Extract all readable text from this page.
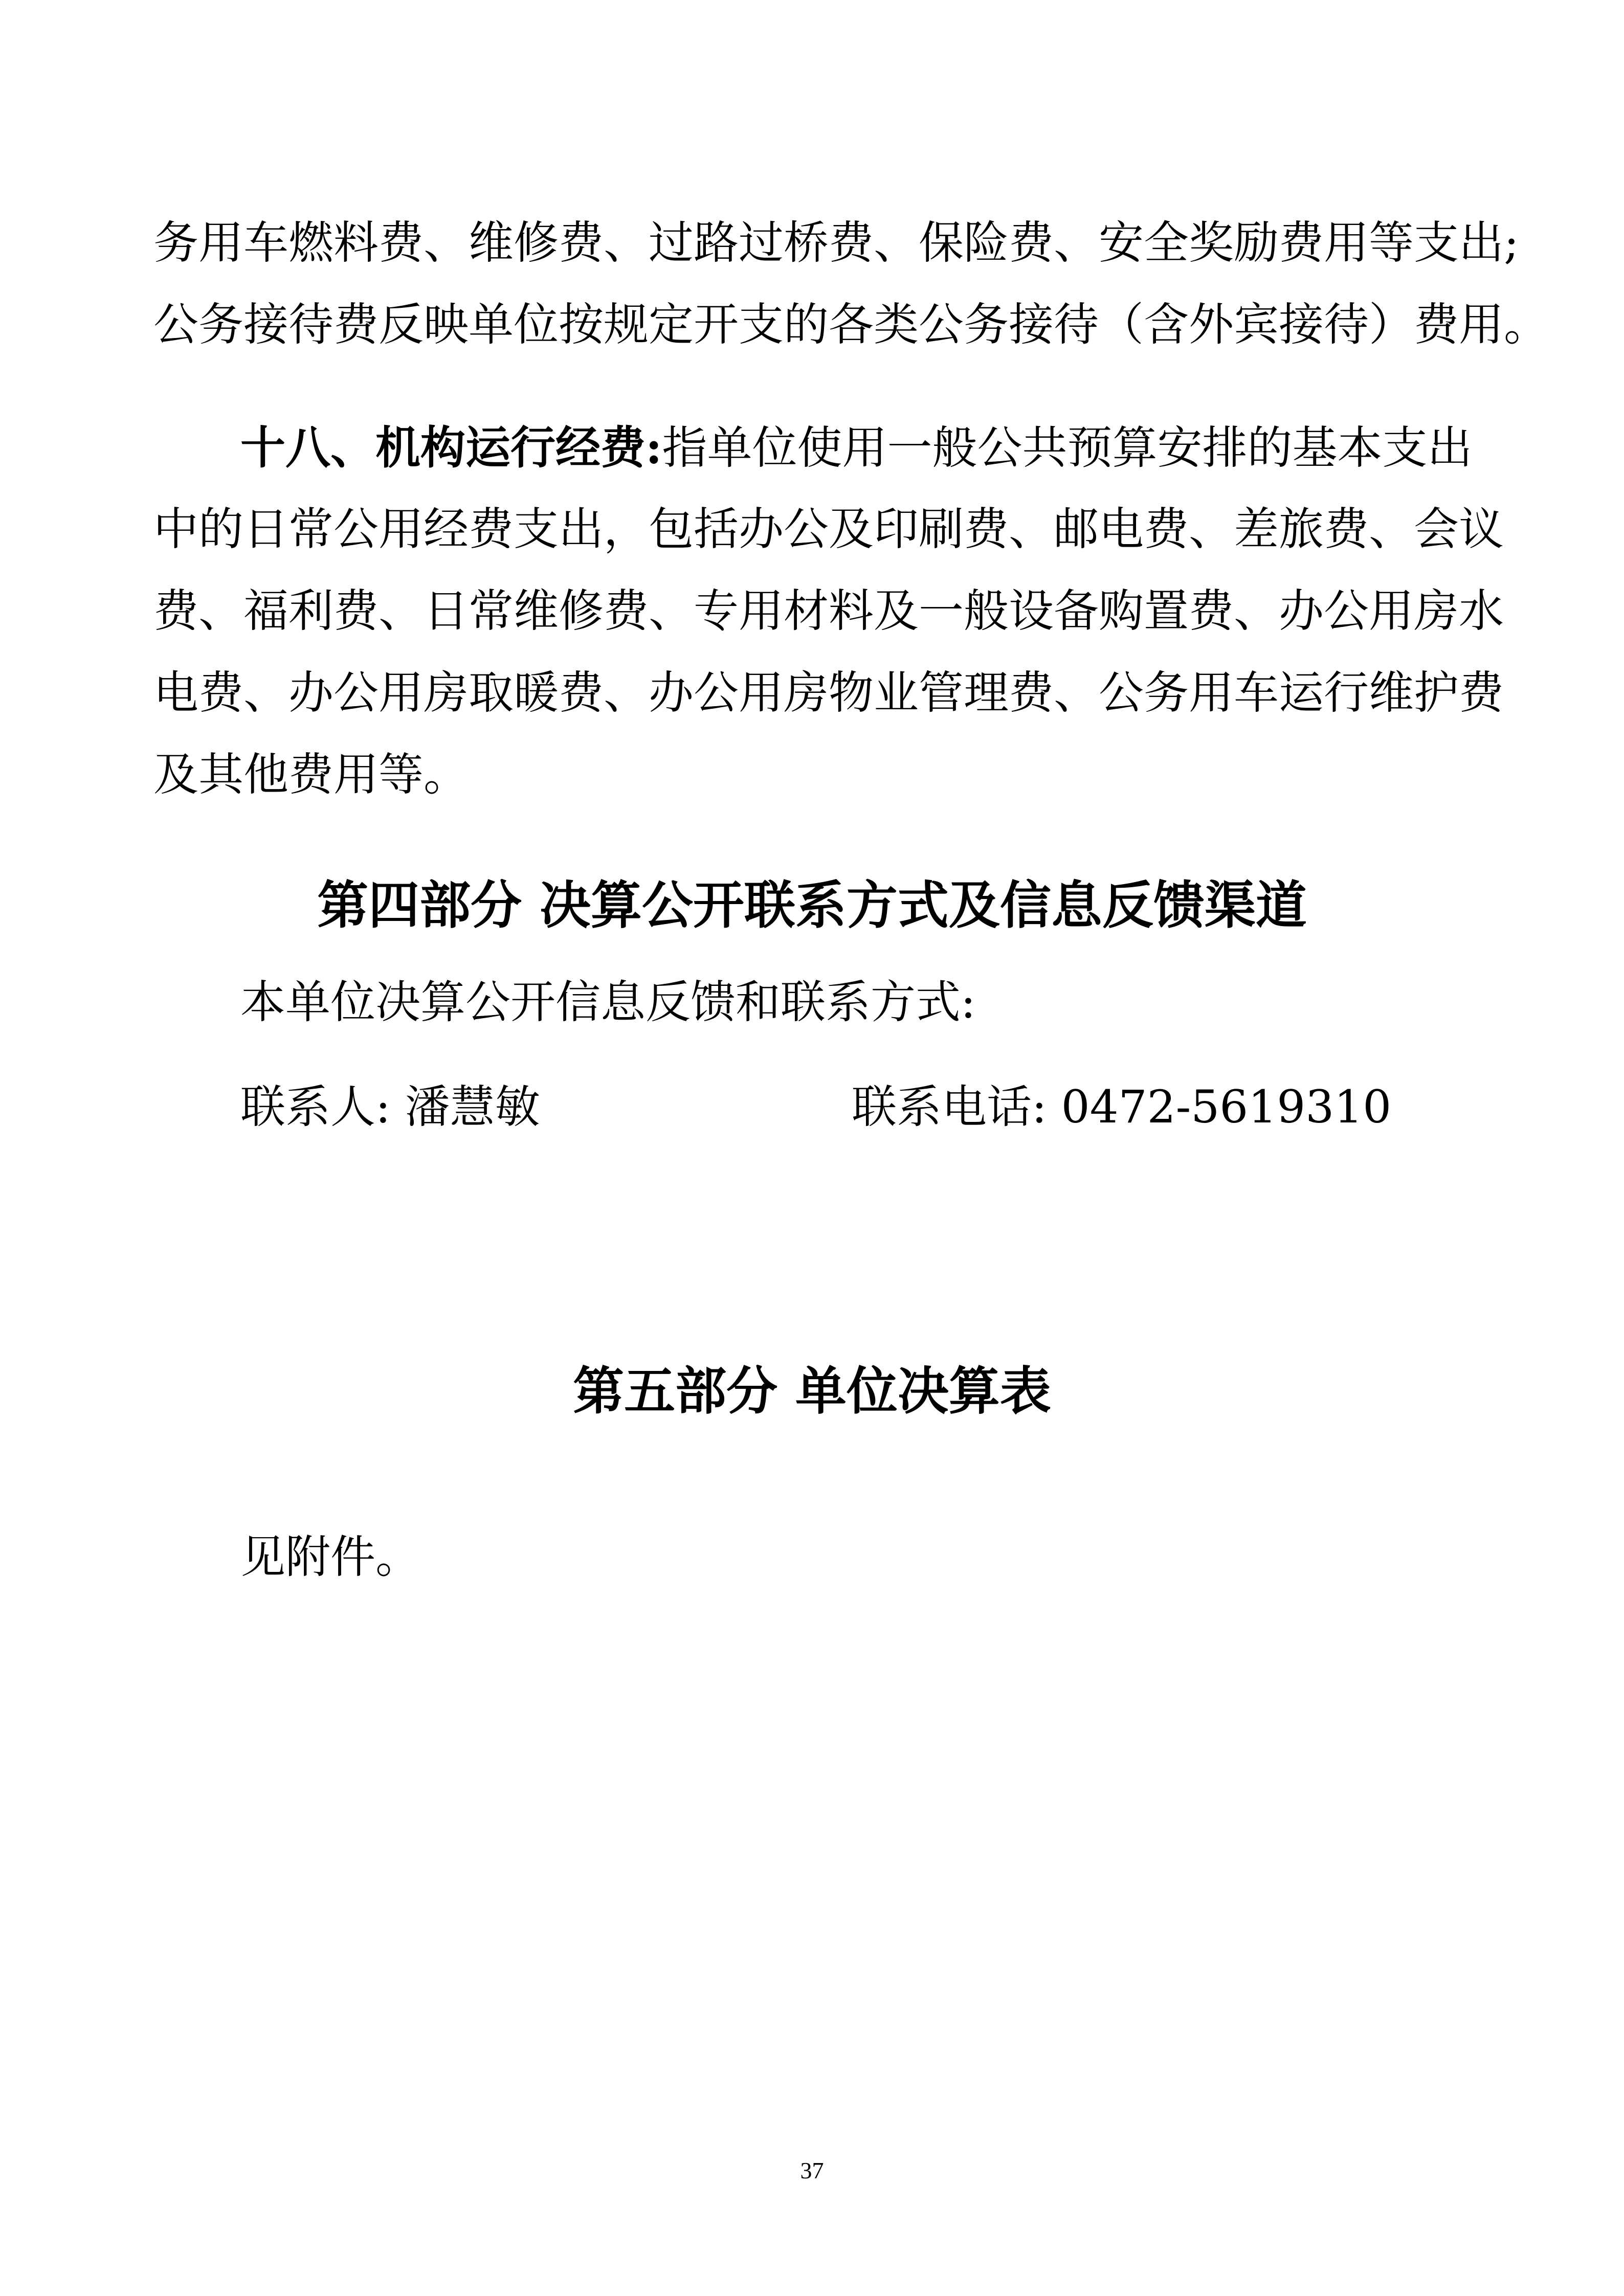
务用车燃料费、维修费、过路过桥费、保险费、安全奖励费用等支出;
公务接待费反映单位按规定开支的各类公务接待（含外宾接待）费用。
十八、机构运行经费:指单位使用一般公共预算安排的基本支出
中的日常公用经费支出，包括办公及印刷费、邮电费、差旅费、会议
费、福利费、日常维修费、专用材料及一般设备购置费、办公用房水
电费、办公用房取暖费、办公用房物业管理费、公务用车运行维护费
及其他费用等。
第四部分 决算公开联系方式及信息反馈渠道
本单位决算公开信息反馈和联系方式:
联系人: 潘慧敏	联系电话: 0472-5619310
第五部分 单位决算表
见附件。
37
